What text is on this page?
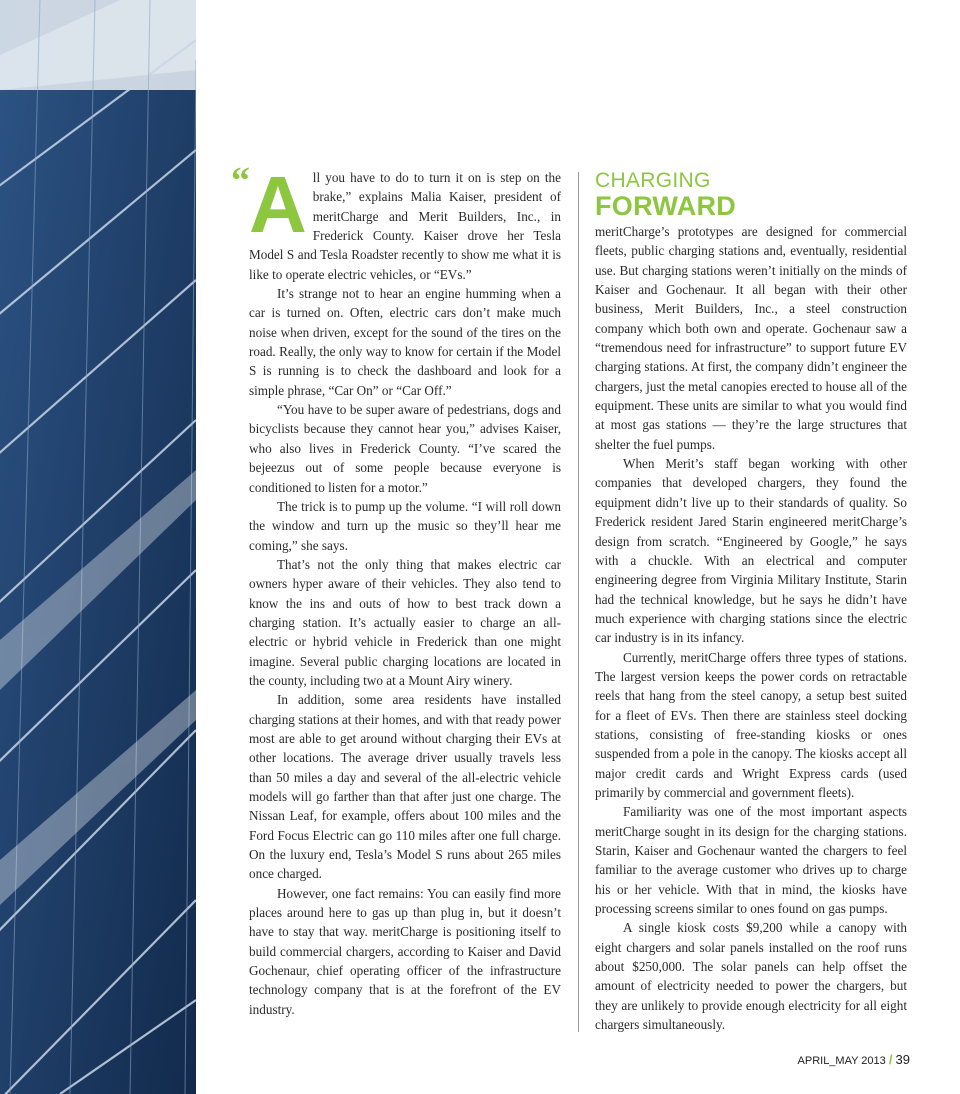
“ A ll you have to do to turn it on is step on the brake,” explains Malia Kaiser, president of meritCharge and Merit Builders, Inc., in Frederick County. Kaiser drove her Tesla Model S and Tesla Roadster recently to show me what it is like to operate electric vehicles, or “EVs.”

It’s strange not to hear an engine humming when a car is turned on. Often, electric cars don’t make much noise when driven, except for the sound of the tires on the road. Really, the only way to know for certain if the Model S is running is to check the dashboard and look for a simple phrase, “Car On” or “Car Off.”

“You have to be super aware of pedestrians, dogs and bicyclists because they cannot hear you,” advises Kaiser, who also lives in Frederick County. “I’ve scared the bejeezus out of some people because everyone is conditioned to listen for a motor.”

The trick is to pump up the volume. “I will roll down the window and turn up the music so they’ll hear me coming,” she says.

That’s not the only thing that makes electric car owners hyper aware of their vehicles. They also tend to know the ins and outs of how to best track down a charging station. It’s actually easier to charge an all-electric or hybrid vehicle in Frederick than one might imagine. Several public charging locations are located in the county, including two at a Mount Airy winery.

In addition, some area residents have installed charging stations at their homes, and with that ready power most are able to get around without charging their EVs at other locations. The average driver usually travels less than 50 miles a day and several of the all-electric vehicle models will go farther than that after just one charge. The Nissan Leaf, for example, offers about 100 miles and the Ford Focus Electric can go 110 miles after one full charge. On the luxury end, Tesla’s Model S runs about 265 miles once charged.

However, one fact remains: You can easily find more places around here to gas up than plug in, but it doesn’t have to stay that way. meritCharge is positioning itself to build commercial chargers, according to Kaiser and David Gochenaur, chief operating officer of the infrastructure technology company that is at the forefront of the EV industry.

CHARGING
FORWARD

meritCharge’s prototypes are designed for commercial fleets, public charging stations and, eventually, residential use. But charging stations weren’t initially on the minds of Kaiser and Gochenaur. It all began with their other business, Merit Builders, Inc., a steel construction company which both own and operate. Gochenaur saw a “tremendous need for infrastructure” to support future EV charging stations. At first, the company didn’t engineer the chargers, just the metal canopies erected to house all of the equipment. These units are similar to what you would find at most gas stations — they’re the large structures that shelter the fuel pumps.

When Merit’s staff began working with other companies that developed chargers, they found the equipment didn’t live up to their standards of quality. So Frederick resident Jared Starin engineered meritCharge’s design from scratch. “Engineered by Google,” he says with a chuckle. With an electrical and computer engineering degree from Virginia Military Institute, Starin had the technical knowledge, but he says he didn’t have much experience with charging stations since the electric car industry is in its infancy.

Currently, meritCharge offers three types of stations. The largest version keeps the power cords on retractable reels that hang from the steel canopy, a setup best suited for a fleet of EVs. Then there are stainless steel docking stations, consisting of free-standing kiosks or ones suspended from a pole in the canopy. The kiosks accept all major credit cards and Wright Express cards (used primarily by commercial and government fleets).

Familiarity was one of the most important aspects meritCharge sought in its design for the charging stations. Starin, Kaiser and Gochenaur wanted the chargers to feel familiar to the average customer who drives up to charge his or her vehicle. With that in mind, the kiosks have processing screens similar to ones found on gas pumps.

A single kiosk costs $9,200 while a canopy with eight chargers and solar panels installed on the roof runs about $250,000. The solar panels can help offset the amount of electricity needed to power the chargers, but they are unlikely to provide enough electricity for all eight chargers simultaneously.

APRIL_MAY 2013 / 39
